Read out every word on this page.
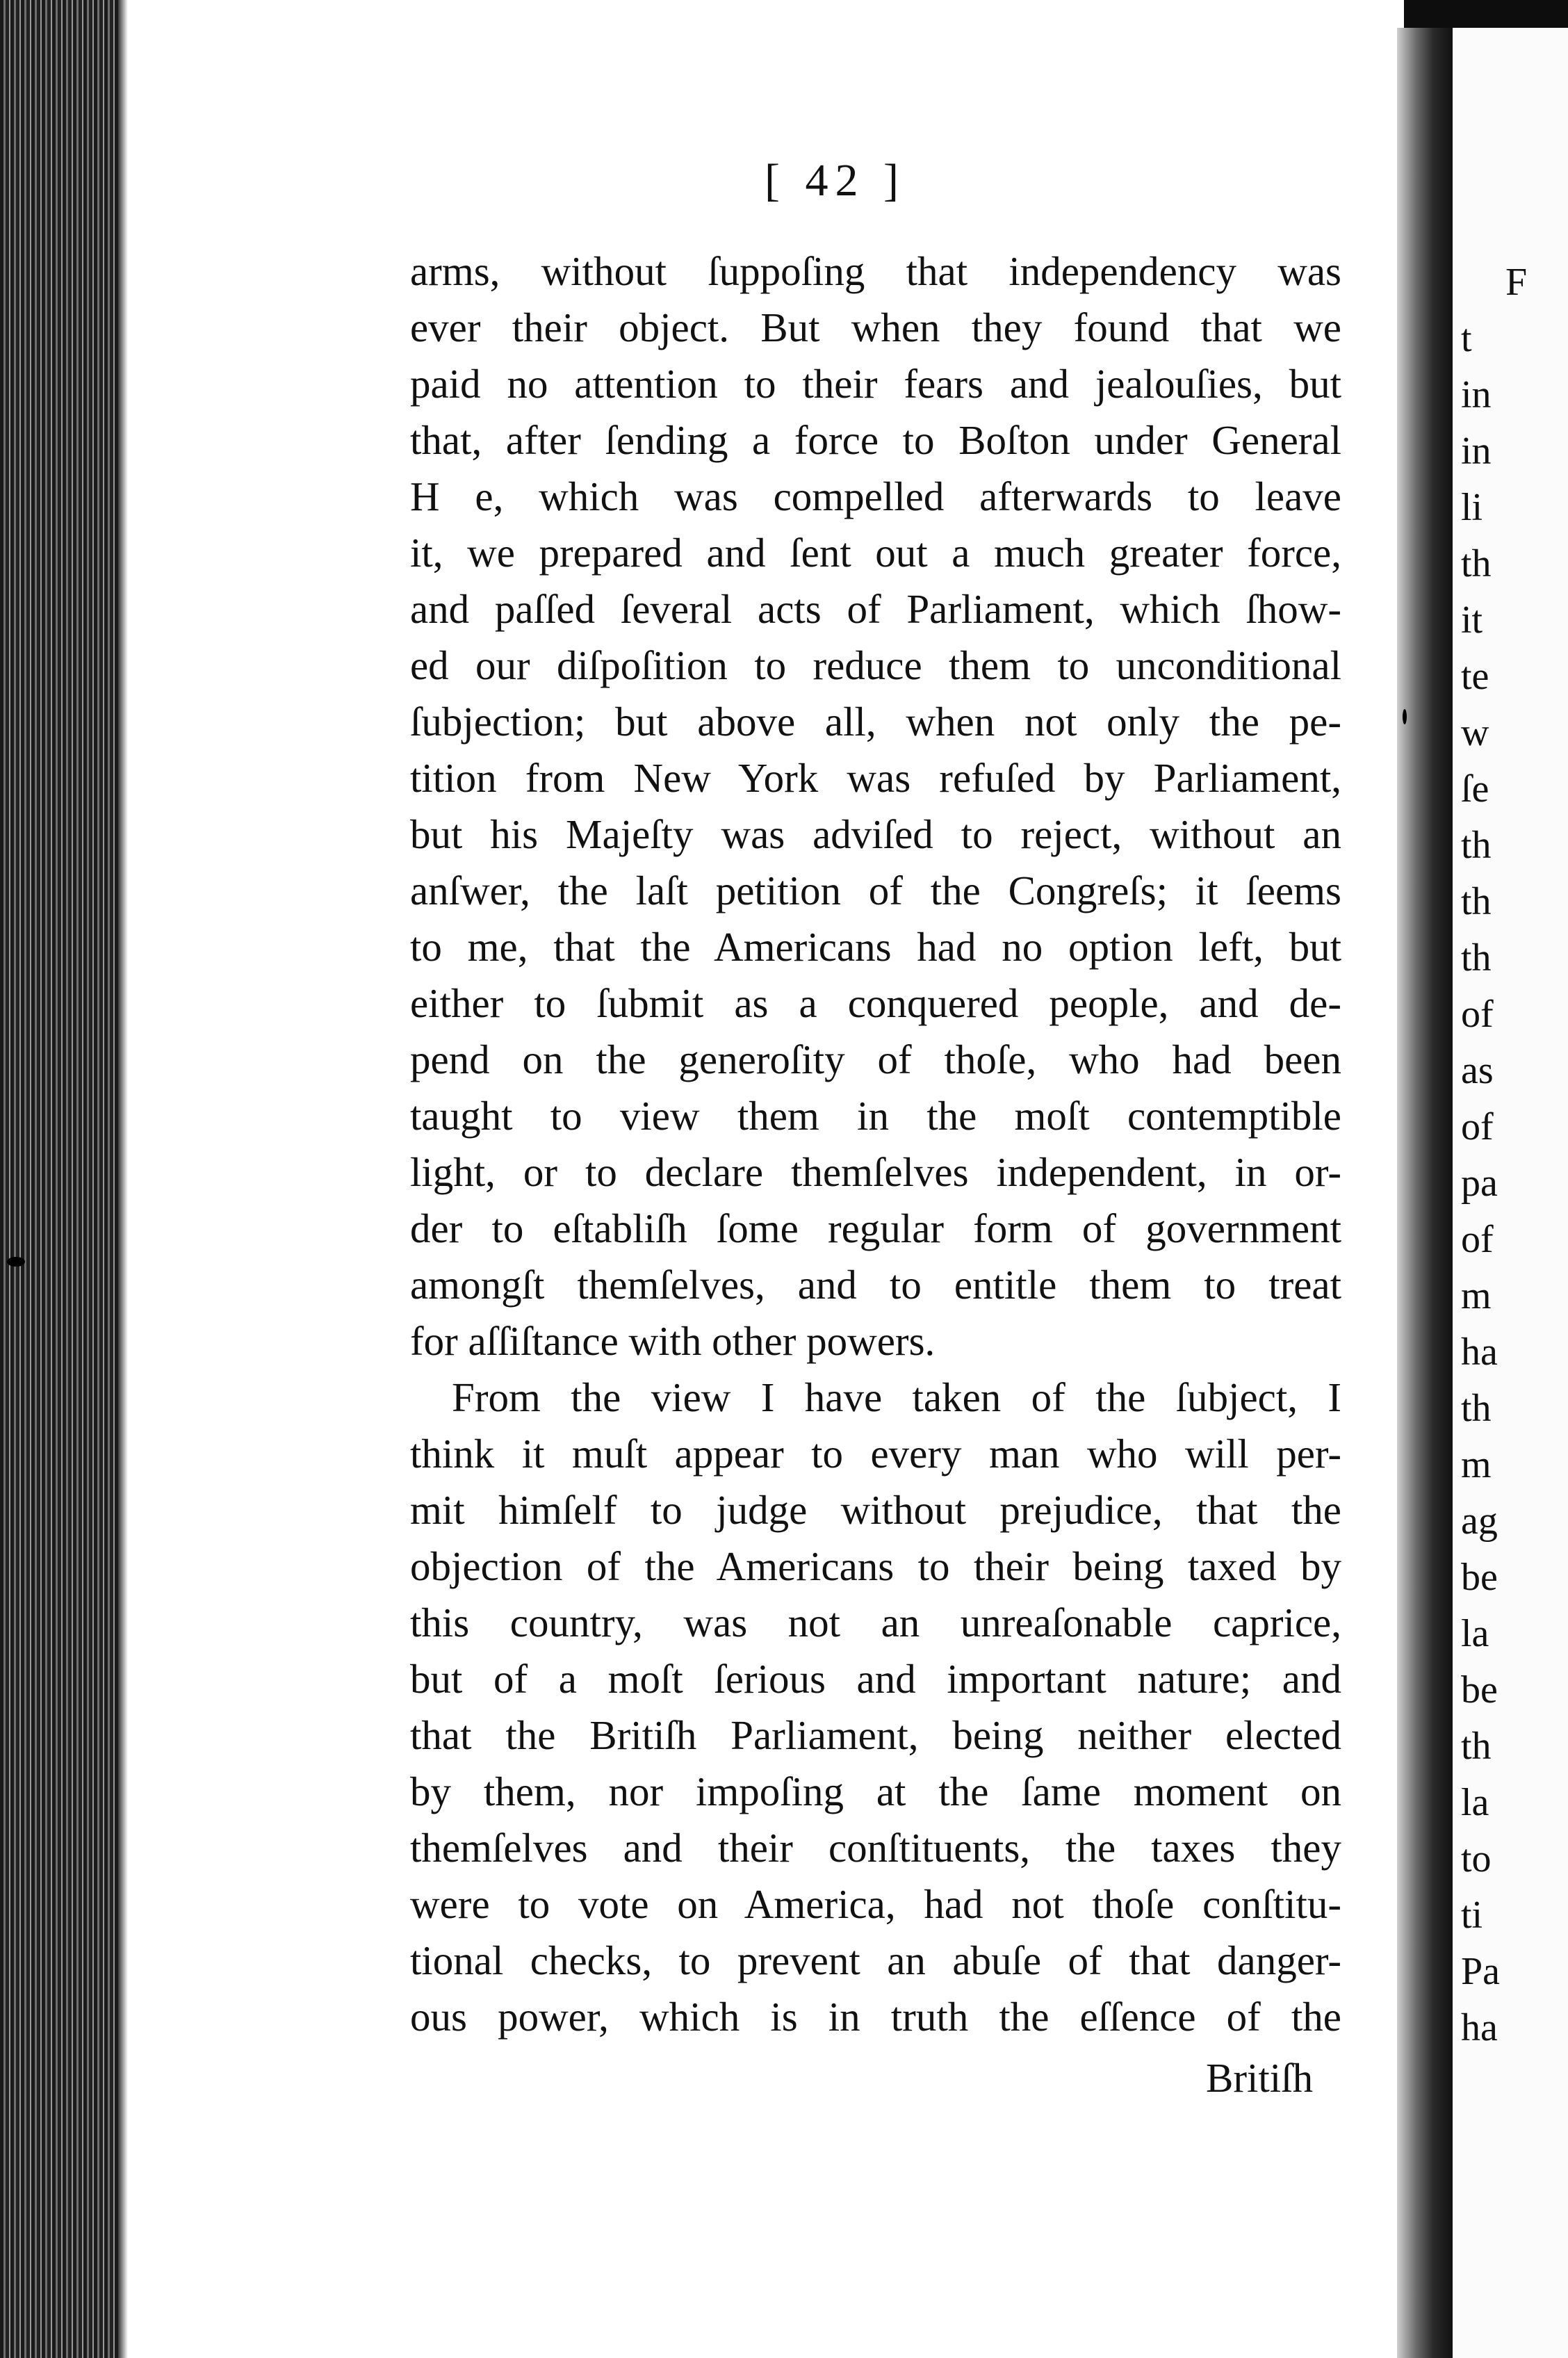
F
t
in
in
li
th
it
te
w
ſe
th
th
th
of
as
of
pa
of
m
ha
th
m
ag
be
la
be
th
la
to
ti
Pa
ha
[ 42 ]
arms, without ſuppoſing that independency was
ever their object. But when they found that we
paid no attention to their fears and jealouſies, but
that, after ſending a force to Boſton under General
H e, which was compelled afterwards to leave
it, we prepared and ſent out a much greater force,
and paſſed ſeveral acts of Parliament, which ſhow-
ed our diſpoſition to reduce them to unconditional
ſubjection; but above all, when not only the pe-
tition from New York was refuſed by Parliament,
but his Majeſty was adviſed to reject, without an
anſwer, the laſt petition of the Congreſs; it ſeems
to me, that the Americans had no option left, but
either to ſubmit as a conquered people, and de-
pend on the generoſity of thoſe, who had been
taught to view them in the moſt contemptible
light, or to declare themſelves independent, in or-
der to eſtabliſh ſome regular form of government
amongſt themſelves, and to entitle them to treat
for aſſiſtance with other powers.
From the view I have taken of the ſubject, I
think it muſt appear to every man who will per-
mit himſelf to judge without prejudice, that the
objection of the Americans to their being taxed by
this country, was not an unreaſonable caprice,
but of a moſt ſerious and important nature; and
that the Britiſh Parliament, being neither elected
by them, nor impoſing at the ſame moment on
themſelves and their conſtituents, the taxes they
were to vote on America, had not thoſe conſtitu-
tional checks, to prevent an abuſe of that danger-
ous power, which is in truth the eſſence of the
Britiſh
